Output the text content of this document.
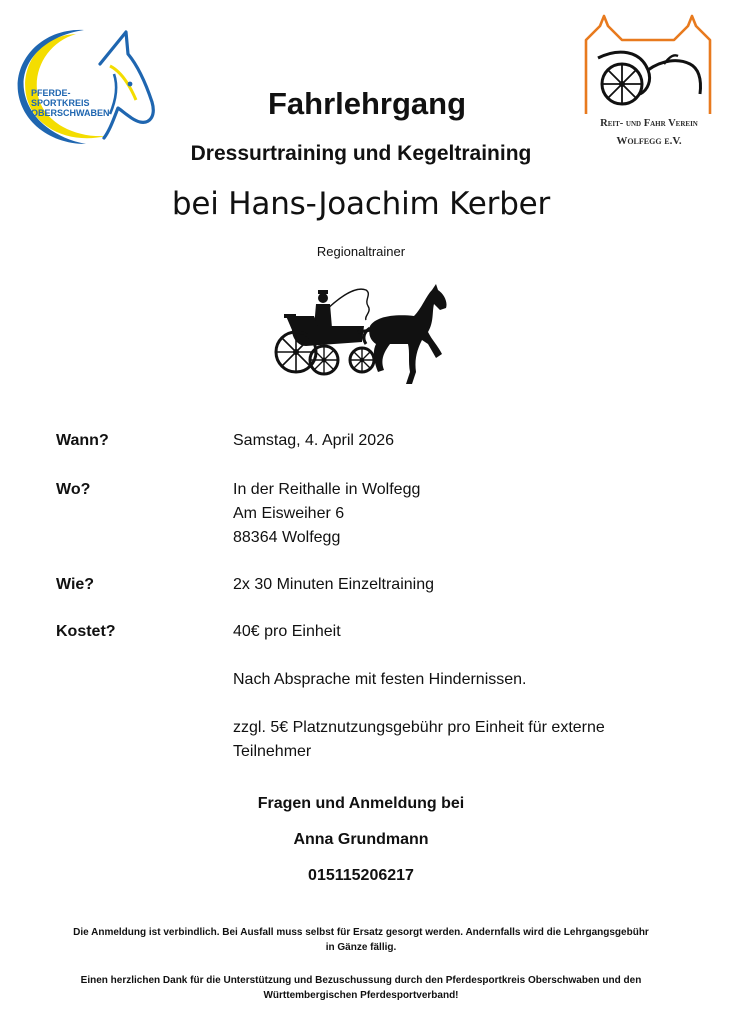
PFERDE-
SPORTKREIS
OBERSCHWABEN
Reit- und Fahr Verein
Wolfegg e.V.
Fahrlehrgang
Dressurtraining und Kegeltraining
bei Hans-Joachim Kerber
Regionaltrainer
Wann?	Samstag, 4. April 2026
Wo?	In der Reithalle in Wolfegg
Am Eisweiher 6
88364 Wolfegg
Wie?	2x 30 Minuten Einzeltraining
Kostet?	40€ pro Einheit
Nach Absprache mit festen Hindernissen.
zzgl. 5€ Platznutzungsgebühr pro Einheit für externe
Teilnehmer
Fragen und Anmeldung bei
Anna Grundmann
015115206217
Die Anmeldung ist verbindlich. Bei Ausfall muss selbst für Ersatz gesorgt werden. Andernfalls wird die Lehrgangsgebühr
in Gänze fällig.
Einen herzlichen Dank für die Unterstützung und Bezuschussung durch den Pferdesportkreis Oberschwaben und den
Württembergischen Pferdesportverband!
